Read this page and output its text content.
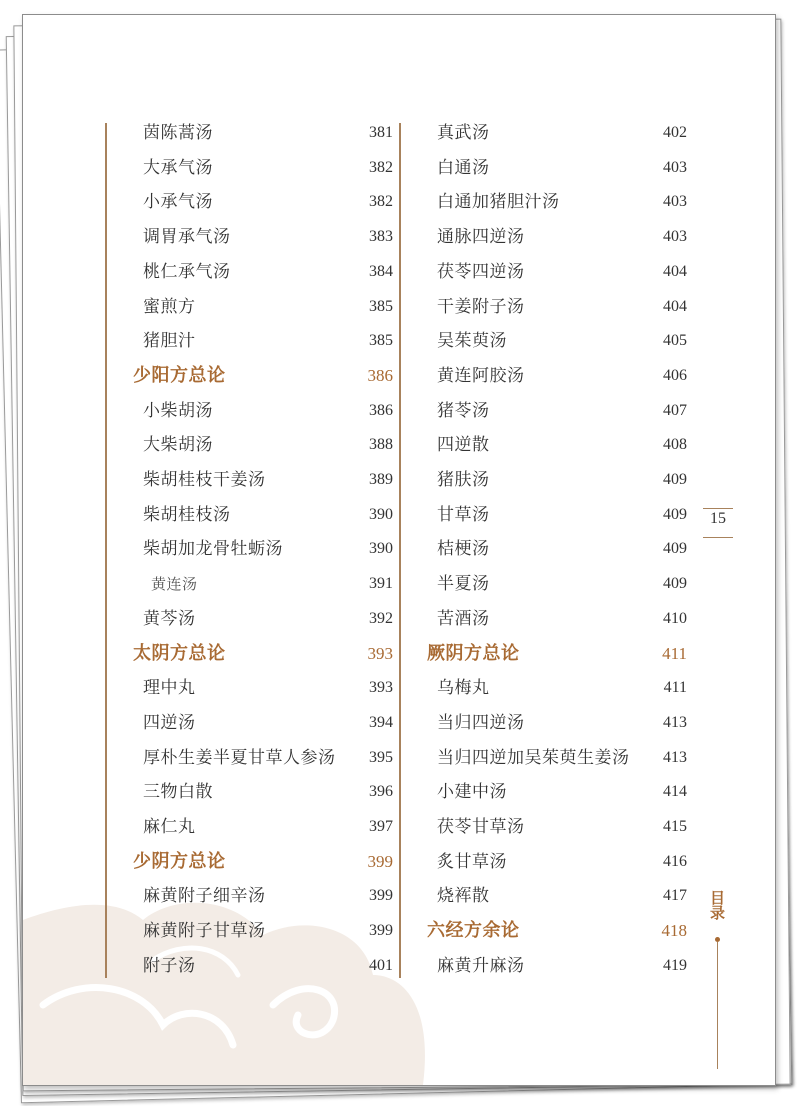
茵陈蒿汤	381
大承气汤	382
小承气汤	382
调胃承气汤	383
桃仁承气汤	384
蜜煎方	385
猪胆汁	385
少阳方总论	386
小柴胡汤	386
大柴胡汤	388
柴胡桂枝干姜汤	389
柴胡桂枝汤	390
柴胡加龙骨牡蛎汤	390
黄连汤	391
黄芩汤	392
太阴方总论	393
理中丸	393
四逆汤	394
厚朴生姜半夏甘草人参汤 395
三物白散	396
麻仁丸	397
少阴方总论	399
麻黄附子细辛汤	399
麻黄附子甘草汤	399
附子汤	401
真武汤	402
白通汤	403
白通加猪胆汁汤	403
通脉四逆汤	403
茯苓四逆汤	404
干姜附子汤	404
吴茱萸汤	405
黄连阿胶汤	406
猪苓汤	407
四逆散	408
猪肤汤	409
甘草汤	409
桔梗汤	409
半夏汤	409
苦酒汤	410
厥阴方总论	411
乌梅丸	411
当归四逆汤	413
当归四逆加吴茱萸生姜汤 413
小建中汤	414
茯苓甘草汤	415
炙甘草汤	416
烧裈散	417
六经方余论	418
麻黄升麻汤	419
15
目录
